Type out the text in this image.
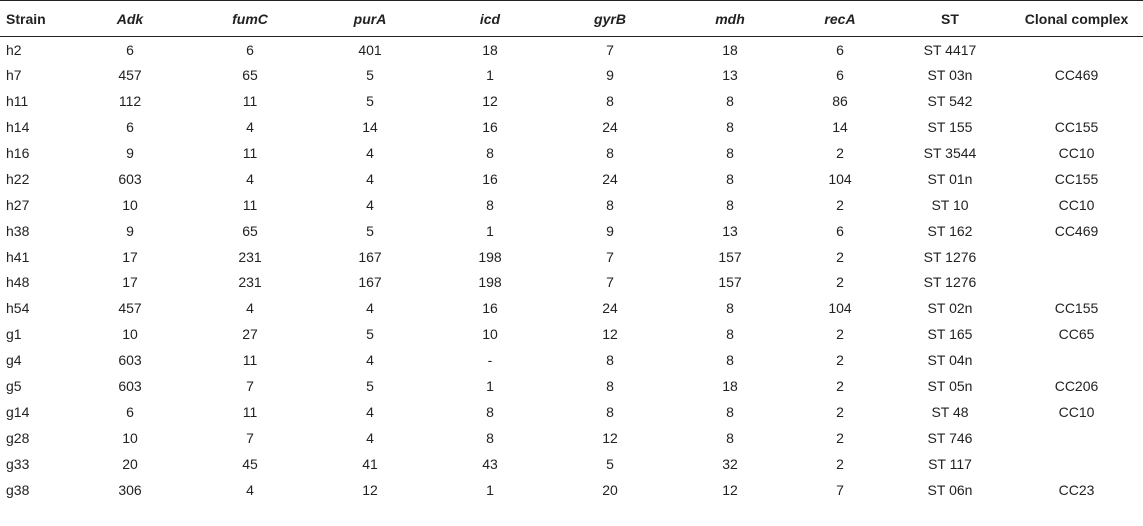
Strain	Adk	fumC	purA	icd	gyrB	mdh	recA	ST	Clonal complex
h2	6	6	401	18	7	18	6	ST 4417	
h7	457	65	5	1	9	13	6	ST 03n	CC469
h11	112	11	5	12	8	8	86	ST 542	
h14	6	4	14	16	24	8	14	ST 155	CC155
h16	9	11	4	8	8	8	2	ST 3544	CC10
h22	603	4	4	16	24	8	104	ST 01n	CC155
h27	10	11	4	8	8	8	2	ST 10	CC10
h38	9	65	5	1	9	13	6	ST 162	CC469
h41	17	231	167	198	7	157	2	ST 1276	
h48	17	231	167	198	7	157	2	ST 1276	
h54	457	4	4	16	24	8	104	ST 02n	CC155
g1	10	27	5	10	12	8	2	ST 165	CC65
g4	603	11	4	-	8	8	2	ST 04n	
g5	603	7	5	1	8	18	2	ST 05n	CC206
g14	6	11	4	8	8	8	2	ST 48	CC10
g28	10	7	4	8	12	8	2	ST 746	
g33	20	45	41	43	5	32	2	ST 117	
g38	306	4	12	1	20	12	7	ST 06n	CC23
